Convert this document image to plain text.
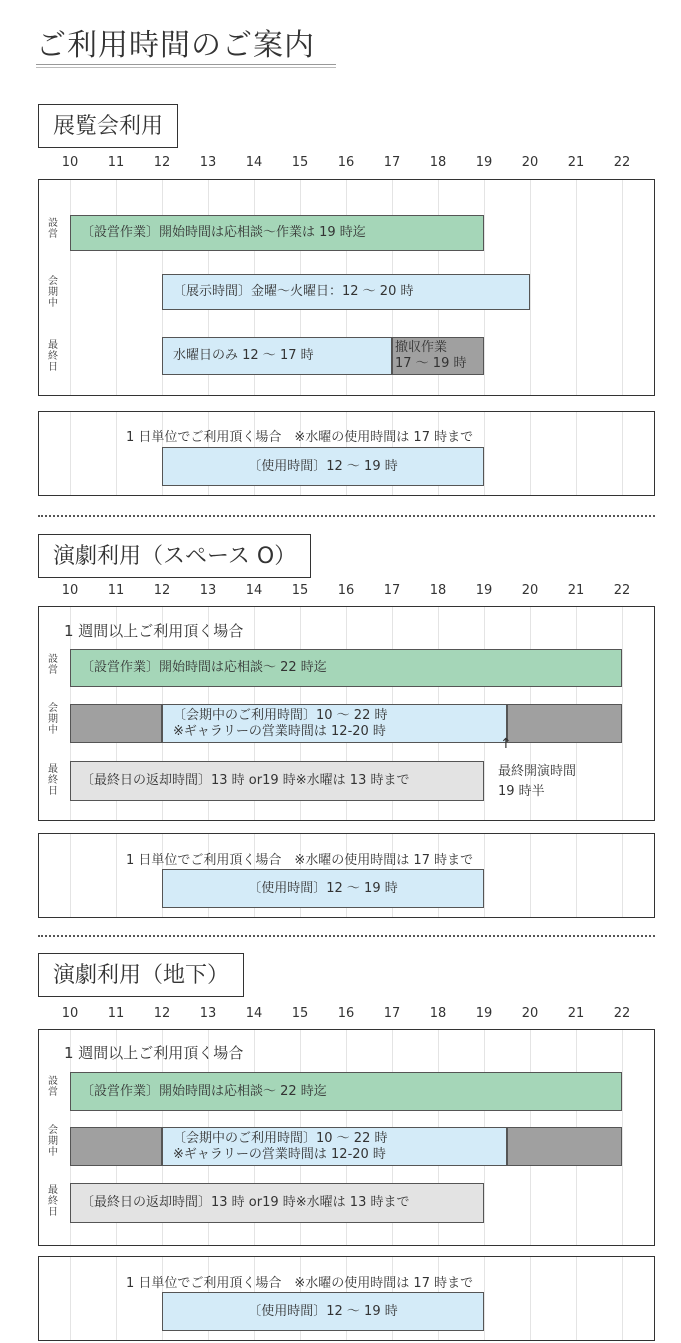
ご利用時間のご案内
展覧会利用
設営
会期中
最終日
〔設営作業〕開始時間は応相談〜作業は 19 時迄
〔展示時間〕金曜〜火曜日：12 〜 20 時
水曜日のみ 12 〜 17 時
撤収作業
17 〜 19 時
1 日単位でご利用頂く場合　※水曜の使用時間は 17 時まで
〔使用時間〕12 〜 19 時
演劇利用（スペース O）
1 週間以上ご利用頂く場合
設営
会期中
最終日
〔設営作業〕開始時間は応相談〜 22 時迄
〔会期中のご利用時間〕10 〜 22 時
※ギャラリーの営業時間は 12-20 時
〔最終日の返却時間〕13 時 or19 時※水曜は 13 時まで
↑
最終開演時間
19 時半
1 日単位でご利用頂く場合　※水曜の使用時間は 17 時まで
〔使用時間〕12 〜 19 時
演劇利用（地下）
1 週間以上ご利用頂く場合
設営
会期中
最終日
〔設営作業〕開始時間は応相談〜 22 時迄
〔会期中のご利用時間〕10 〜 22 時
※ギャラリーの営業時間は 12-20 時
〔最終日の返却時間〕13 時 or19 時※水曜は 13 時まで
1 日単位でご利用頂く場合　※水曜の使用時間は 17 時まで
〔使用時間〕12 〜 19 時
10	11	12	13	14	15	16	17	18	19	20	21	22
10	11	12	13	14	15	16	17	18	19	20	21	22
10	11	12	13	14	15	16	17	18	19	20	21	22
